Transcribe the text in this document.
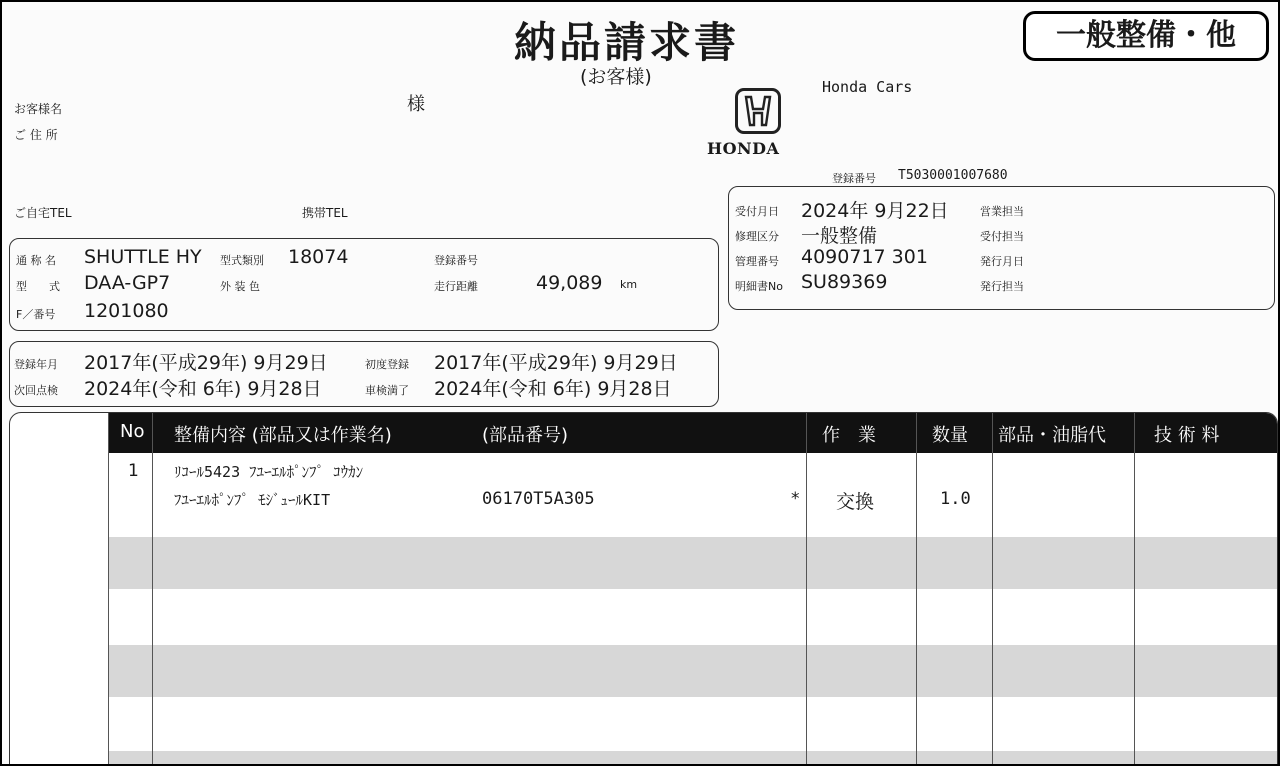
納品請求書
(お客様)
一般整備・他
Honda Cars
HONDA
お客様名	様
ご 住 所
ご自宅TEL	携帯TEL
登録番号 T5030001007680
通 称 名 SHUTTLE HY 型式類別 18074	登録番号
型　　式 DAA-GP7	外 装 色	走行距離	49,089 km
F／番号 1201080
受付月日 2024年 9月22日	営業担当
修理区分 一般整備	受付担当
管理番号 4090717 301	発行月日
明細書No SU89369	発行担当
登録年月 2017年(平成29年) 9月29日	初度登録 2017年(平成29年) 9月29日
次回点検 2024年(令和 6年) 9月28日	車検満了 2024年(令和 6年) 9月28日
No 整備内容 (部品又は作業名)	(部品番号)	作　業	数量 部品・油脂代	技 術 料
1 ﾘｺｰﾙ5423 ﾌﾕｰｴﾙﾎﾟﾝﾌﾟ ｺｳｶﾝ
ﾌﾕｰｴﾙﾎﾟﾝﾌﾟ ﾓｼﾞｭｰﾙKIT	06170T5A305	* 交換	1.0
